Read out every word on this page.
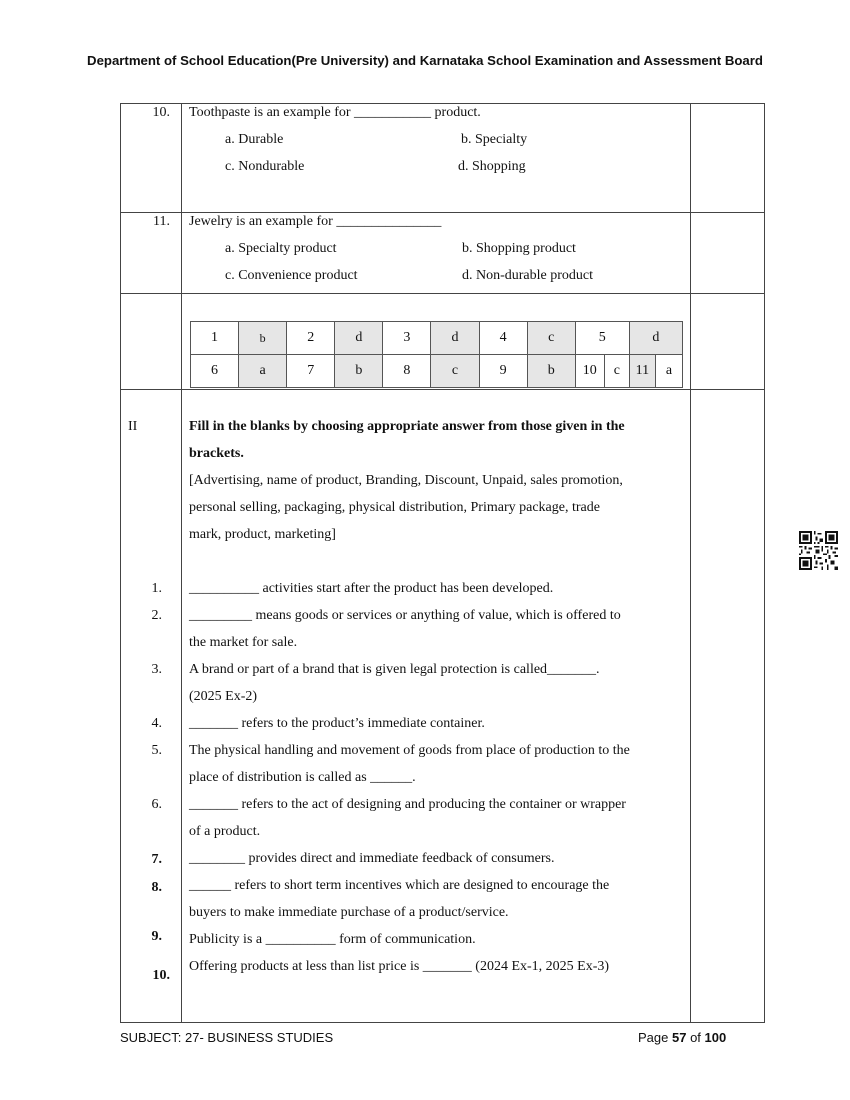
Department of School Education(Pre University) and Karnataka School Examination and Assessment Board
10. Toothpaste is an example for ___________ product.
a. Durable	b. Specialty
c. Nondurable	d. Shopping
11. Jewelry is an example for _______________
a. Specialty product	b. Shopping product
c. Convenience product	d. Non-durable product
1	b	2	d	3	d	4	c	5		d	
6	a	7	b	8	c	9	b	10	c	11	a
II	Fill in the blanks by choosing appropriate answer from those given in the
brackets.
[Advertising, name of product, Branding, Discount, Unpaid, sales promotion,
personal selling, packaging, physical distribution, Primary package, trade
mark, product, marketing]
1. __________ activities start after the product has been developed.
2. _________ means goods or services or anything of value, which is offered to
the market for sale.
3. A brand or part of a brand that is given legal protection is called_______.
(2025 Ex-2)
4. _______ refers to the product’s immediate container.
5. The physical handling and movement of goods from place of production to the
place of distribution is called as ______.
6. _______ refers to the act of designing and producing the container or wrapper
of a product.
7. ________ provides direct and immediate feedback of consumers.
8. ______ refers to short term incentives which are designed to encourage the
buyers to make immediate purchase of a product/service.
9. Publicity is a __________ form of communication.
10.
Offering products at less than list price is _______ (2024 Ex-1, 2025 Ex-3)
SUBJECT: 27- BUSINESS STUDIES	Page 57 of 100
